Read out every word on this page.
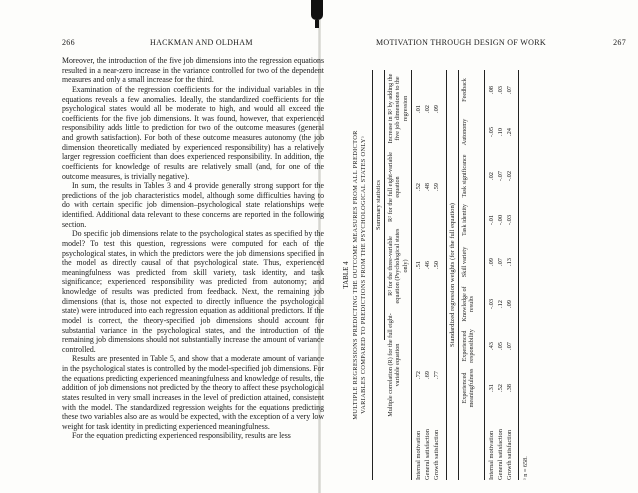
266	HACKMAN AND OLDHAM

Moreover, the introduction of the five job dimensions into the regression equations resulted in a near-zero increase in the variance controlled for two of the dependent measures and only a small increase for the third.

Examination of the regression coefficients for the individual variables in the equations reveals a few anomalies. Ideally, the standardized coefficients for the psychological states would all be moderate to high, and would all exceed the coefficients for the five job dimensions. It was found, however, that experienced responsibility adds little to prediction for two of the outcome measures (general and growth satisfaction). For both of these outcome measures autonomy (the job dimension theoretically mediated by experienced responsibility) has a relatively larger regression coefficient than does experienced responsibility. In addition, the coefficients for knowledge of results are relatively small (and, for one of the outcome measures, is trivially negative).

In sum, the results in Tables 3 and 4 provide generally strong support for the predictions of the job characteristics model, although some difficulties having to do with certain specific job dimension–psychological state relationships were identified. Additional data relevant to these concerns are reported in the following section.

Do specific job dimensions relate to the psychological states as specified by the model? To test this question, regressions were computed for each of the psychological states, in which the predictors were the job dimensions specified in the model as directly causal of that psychological state. Thus, experienced meaningfulness was predicted from skill variety, task identity, and task significance; experienced responsibility was predicted from autonomy; and knowledge of results was predicted from feedback. Next, the remaining job dimensions (that is, those not expected to directly influence the psychological state) were introduced into each regression equation as additional predictors. If the model is correct, the theory-specified job dimensions should account for substantial variance in the psychological states, and the introduction of the remaining job dimensions should not substantially increase the amount of variance controlled.

Results are presented in Table 5, and show that a moderate amount of variance in the psychological states is controlled by the model-specified job dimensions. For the equations predicting experienced meaningfulness and knowledge of results, the addition of job dimensions not predicted by the theory to affect these psychological states resulted in very small increases in the level of prediction attained, consistent with the model. The standardized regression weights for the equations predicting these two variables also are as would be expected, with the exception of a very low weight for task identity in predicting experienced meaningfulness.

For the equation predicting experienced responsibility, results are less

MOTIVATION THROUGH DESIGN OF WORK	267
TABLE 4 MULTIPLE REGRESSIONS PREDICTING THE OUTCOME MEASURES FROM ALL PREDICTOR VARIABLES COMPARED TO PREDICTIONS FROM THE PSYCHOLOGICAL STATES ONLYᵃ Summary statistics
Multiple correlation (R) for the full eight-variable equation
R² for the three-variable equation (Psychological states only)
R² for the full eight-variable equation
Increase in R² by adding the five job dimensions to the regression
Internal motivation
.72
.51
.52
.01
General satisfaction
.69
.46
.48
.02
Growth satisfaction
.77
.50
.59
.09
Standardized regression weights (for the full equation)
Experienced meaningfulness
Experienced responsibility
Knowledge of results
Skill variety
Task identity
Task significance
Autonomy
Feedback
Internal motivation
.31
.43
-.03
.09
-.01
.02
-.05
.08
General satisfaction
.52
.05
.12
.07
-.00
-.07
.10
.03
Growth satisfaction
.38
.07
.09
.13
-.03
-.02
.24
.07
ᵃ n = 658.
